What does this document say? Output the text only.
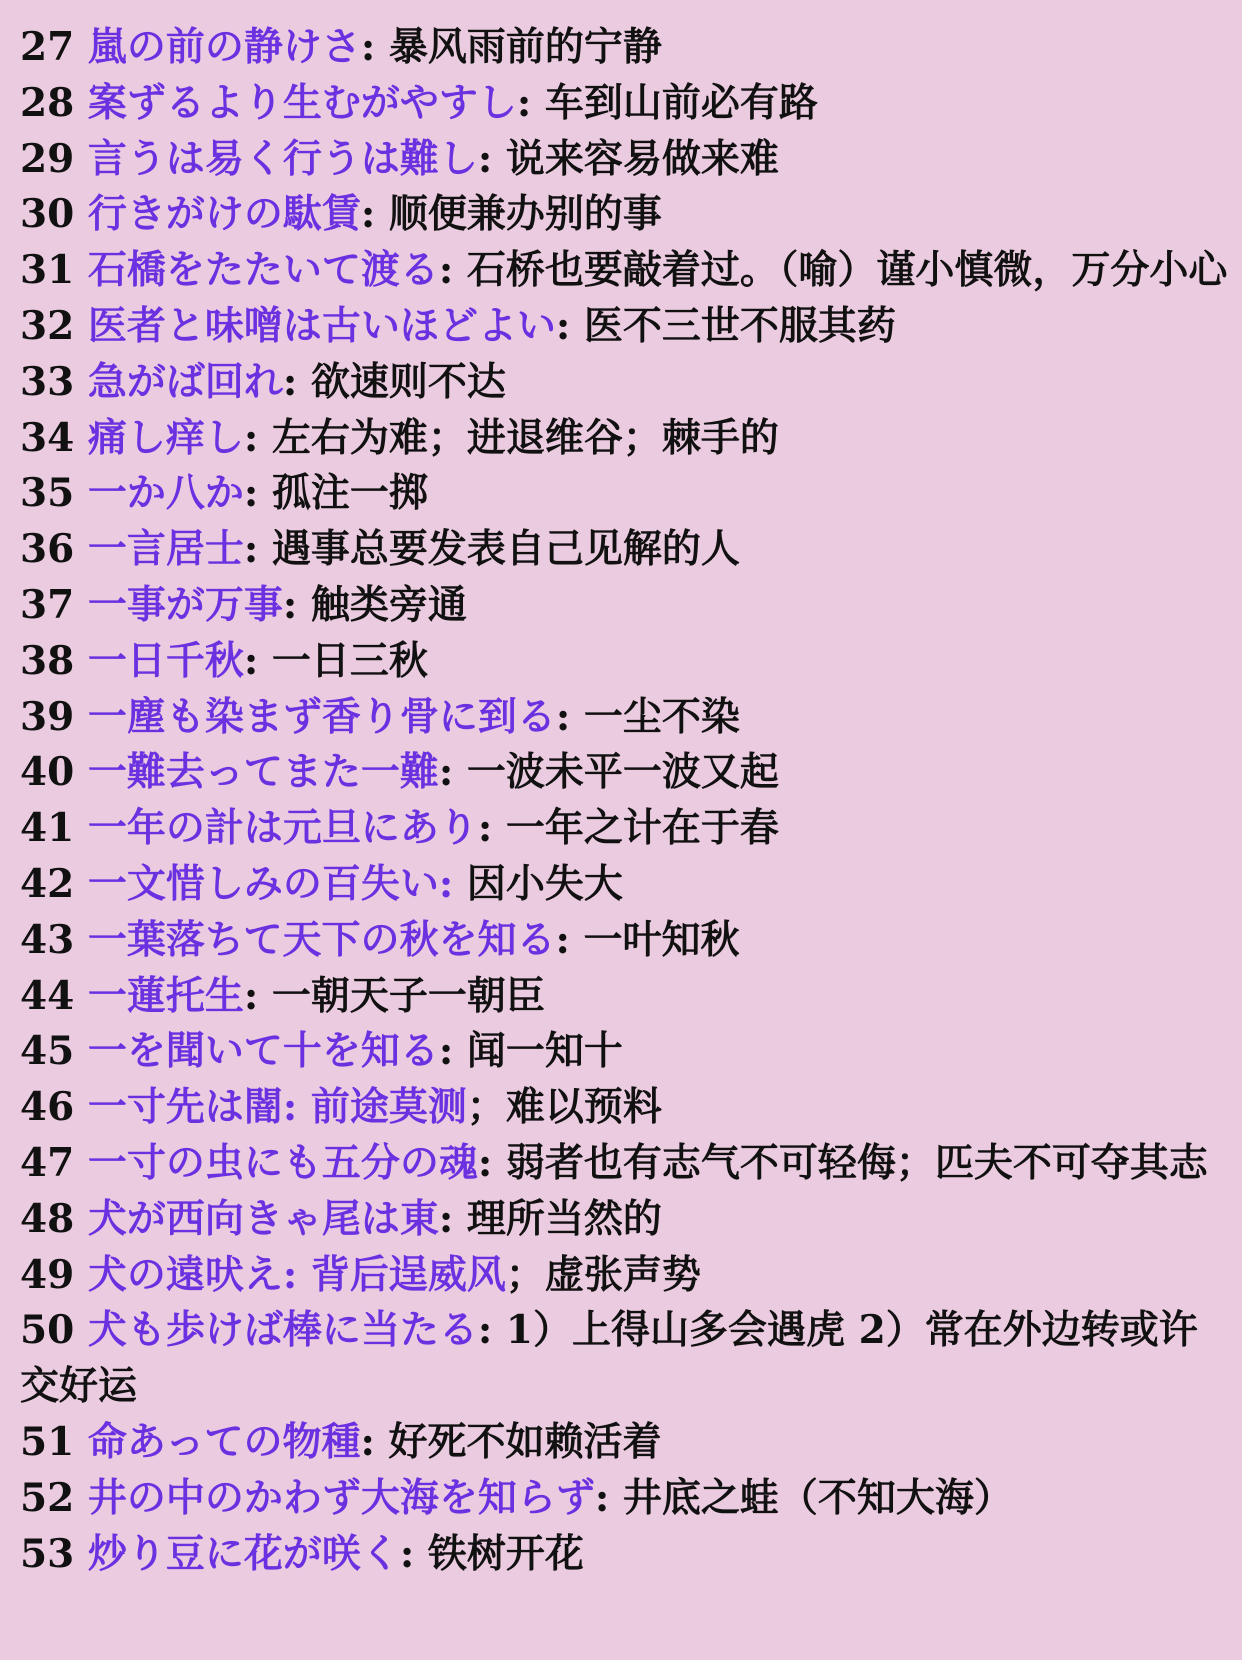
27 嵐の前の静けさ: 暴风雨前的宁静

28 案ずるより生むがやすし: 车到山前必有路

29 言うは易く行うは難し: 说来容易做来难

30 行きがけの駄賃: 顺便兼办别的事

31 石橋をたたいて渡る: 石桥也要敲着过。（喻）谨小慎微，万分小心

32 医者と味噌は古いほどよい: 医不三世不服其药

33 急がば回れ: 欲速则不达

34 痛し痒し: 左右为难；进退维谷；棘手的

35 一か八か: 孤注一掷

36 一言居士: 遇事总要发表自己见解的人

37 一事が万事: 触类旁通

38 一日千秋: 一日三秋

39 一塵も染まず香り骨に到る: 一尘不染

40 一難去ってまた一難: 一波未平一波又起

41 一年の計は元旦にあり: 一年之计在于春

42 一文惜しみの百失い: 因小失大

43 一葉落ちて天下の秋を知る: 一叶知秋

44 一蓮托生: 一朝天子一朝臣

45 一を聞いて十を知る: 闻一知十

46 一寸先は闇: 前途莫测；难以预料

47 一寸の虫にも五分の魂: 弱者也有志气不可轻侮；匹夫不可夺其志

48 犬が西向きゃ尾は東: 理所当然的

49 犬の遠吠え: 背后逞威风；虚张声势

50 犬も歩けば棒に当たる: 1）上得山多会遇虎 2）常在外边转或许交好运

51 命あっての物種: 好死不如赖活着

52 井の中のかわず大海を知らず: 井底之蛙（不知大海）

53 炒り豆に花が咲く: 铁树开花
